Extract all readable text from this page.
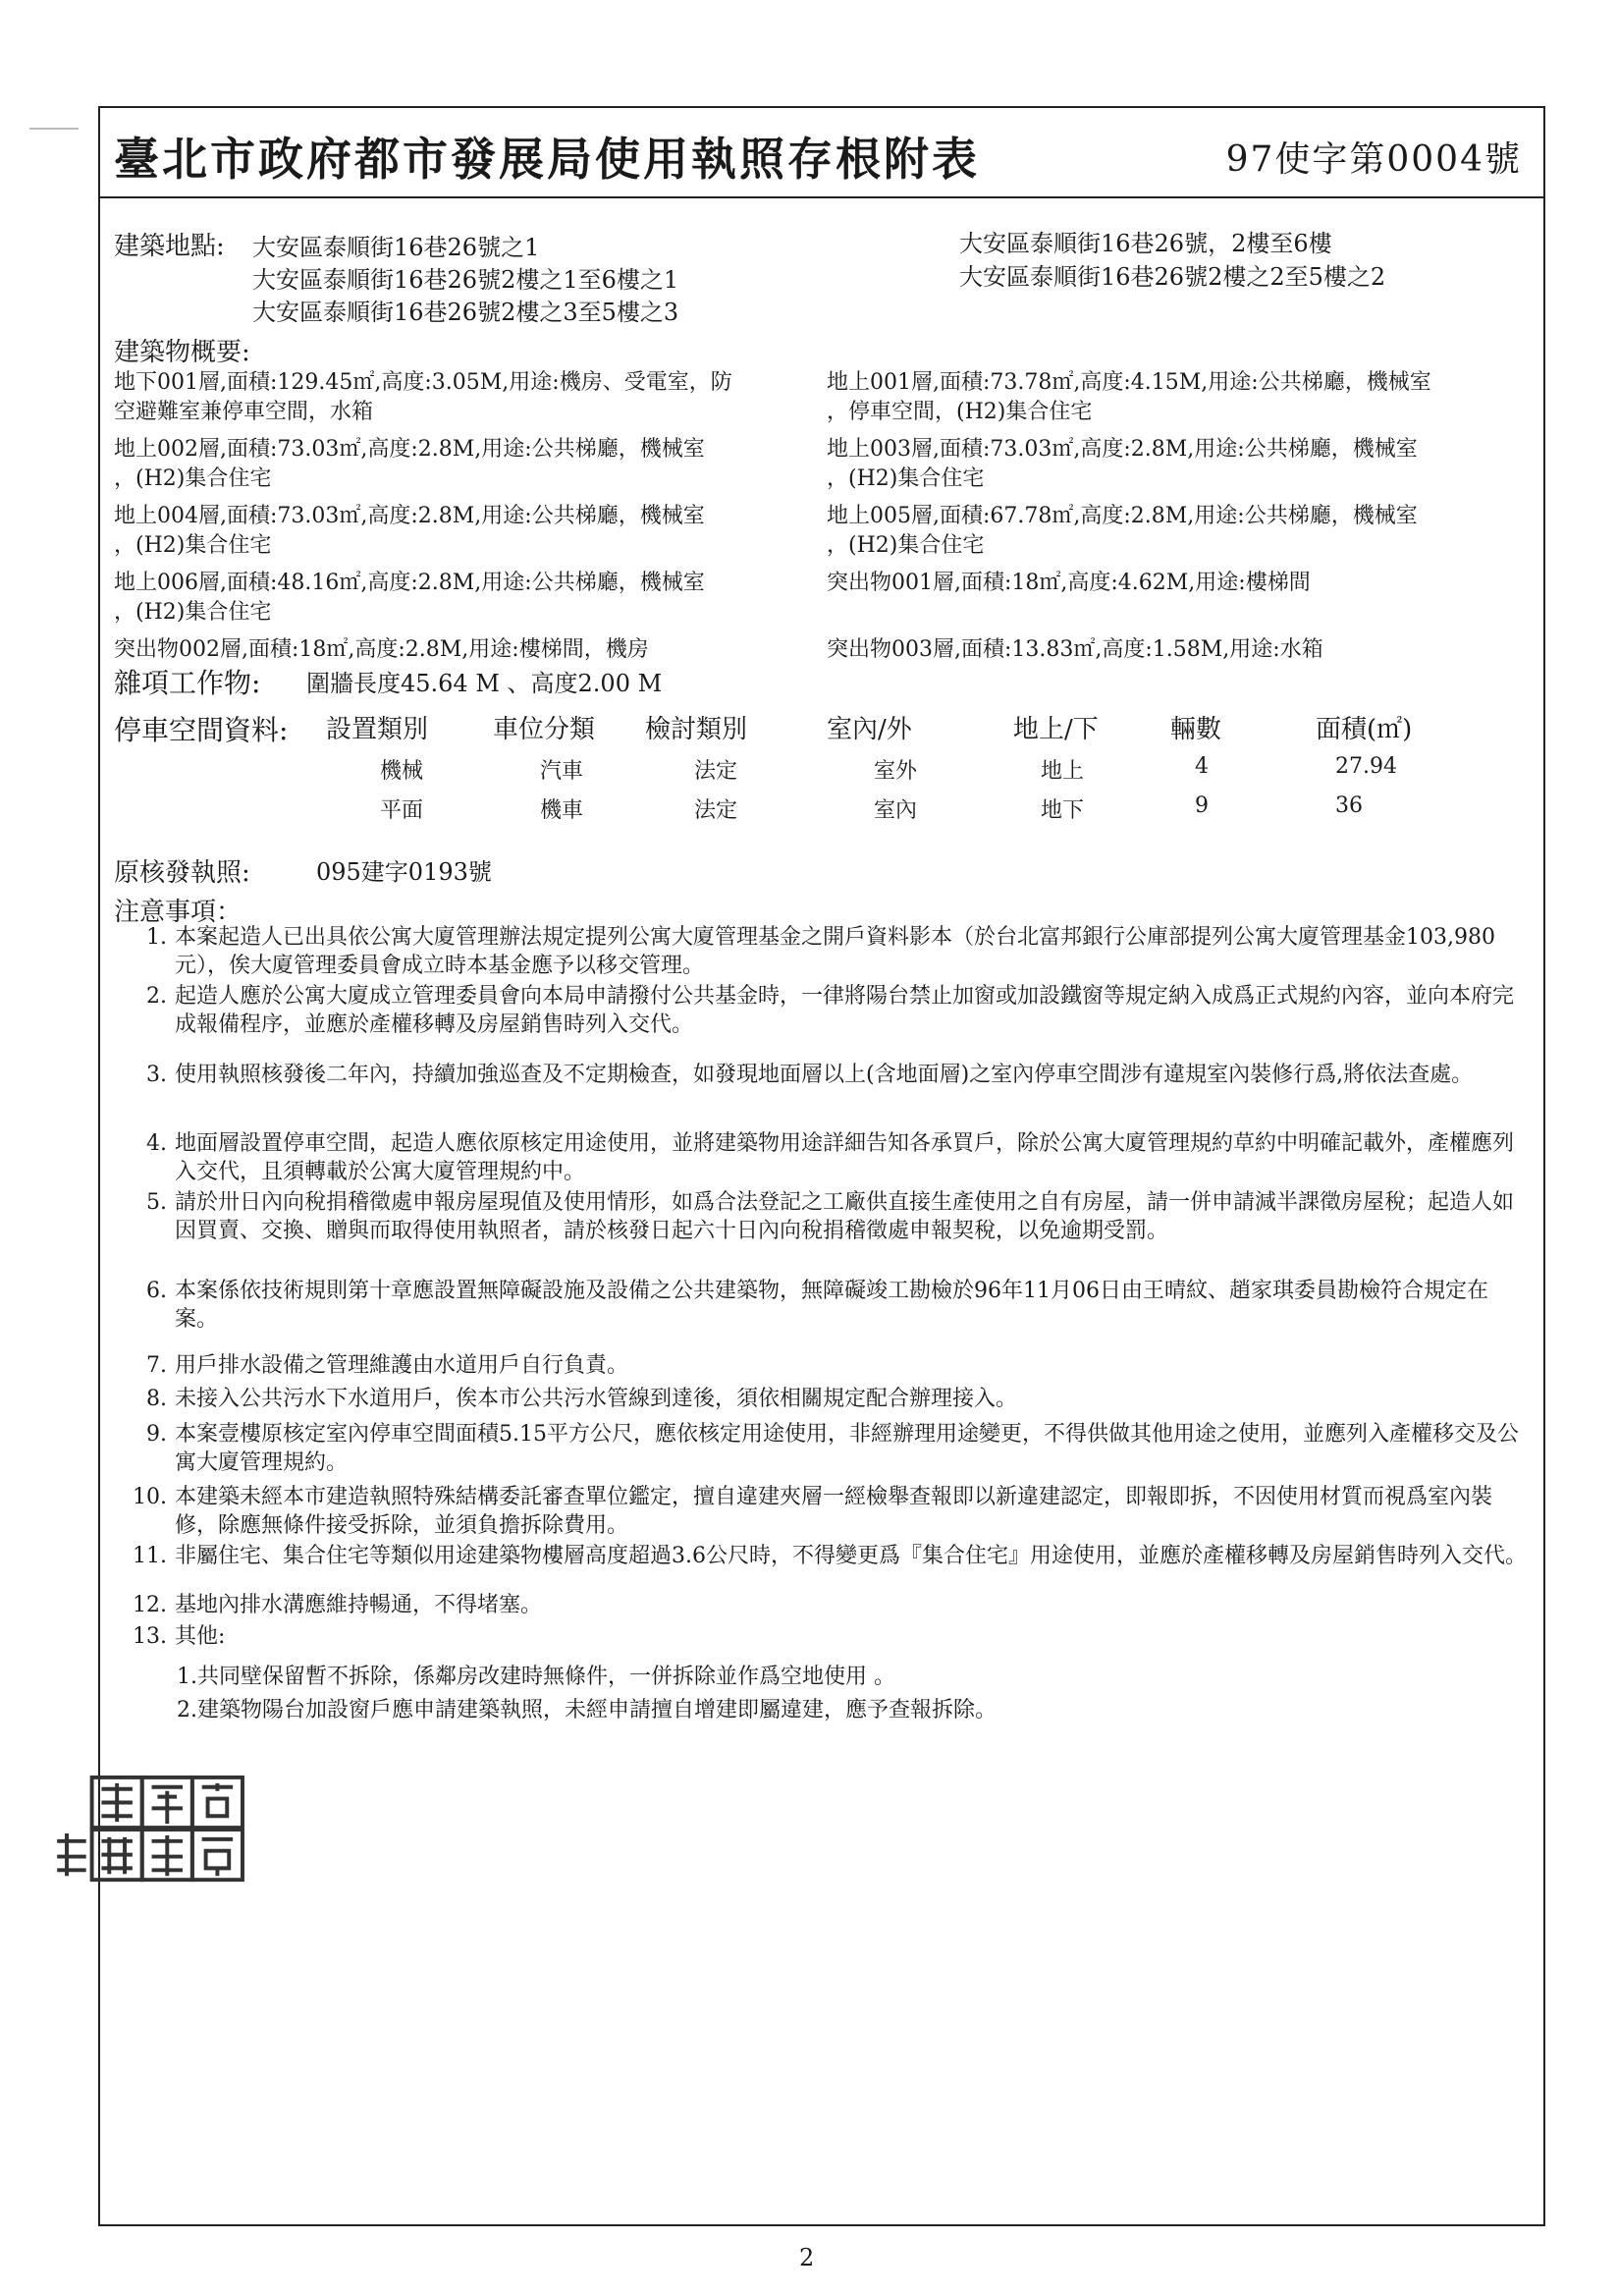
臺北市政府都市發展局使用執照存根附表	97使字第0004號
建築地點: 大安區泰順街16巷26號之1
大安區泰順街16巷26號2樓之1至6樓之1
大安區泰順街16巷26號2樓之3至5樓之3
大安區泰順街16巷26號，2樓至6樓
大安區泰順街16巷26號2樓之2至5樓之2
建築物概要:
地下001層,面積:129.45㎡,高度:3.05M,用途:機房、受電室，防	地上001層,面積:73.78㎡,高度:4.15M,用途:公共梯廳，機械室
空避難室兼停車空間，水箱	，停車空間，(H2)集合住宅
地上002層,面積:73.03㎡,高度:2.8M,用途:公共梯廳，機械室	地上003層,面積:73.03㎡,高度:2.8M,用途:公共梯廳，機械室
，(H2)集合住宅	，(H2)集合住宅
地上004層,面積:73.03㎡,高度:2.8M,用途:公共梯廳，機械室	地上005層,面積:67.78㎡,高度:2.8M,用途:公共梯廳，機械室
，(H2)集合住宅	，(H2)集合住宅
地上006層,面積:48.16㎡,高度:2.8M,用途:公共梯廳，機械室	突出物001層,面積:18㎡,高度:4.62M,用途:樓梯間
，(H2)集合住宅
突出物002層,面積:18㎡,高度:2.8M,用途:樓梯間，機房	突出物003層,面積:13.83㎡,高度:1.58M,用途:水箱
雜項工作物: 圍牆長度45.64 M 、高度2.00 M
停車空間資料: 設置類別	車位分類 檢討類別	室內/外	地上/下	輛數	面積(㎡)
機械	汽車	法定	室外	地上	4	27.94
平面	機車	法定	室內	地下	9	36
原核發執照:	095建字0193號
注意事項：
1. 本案起造人已出具依公寓大廈管理辦法規定提列公寓大廈管理基金之開戶資料影本（於台北富邦銀行公庫部提列公寓大廈管理基金103,980元），俟大廈管理委員會成立時本基金應予以移交管理。
2. 起造人應於公寓大廈成立管理委員會向本局申請撥付公共基金時，一律將陽台禁止加窗或加設鐵窗等規定納入成爲正式規約內容，並向本府完成報備程序，並應於產權移轉及房屋銷售時列入交代。
3. 使用執照核發後二年內，持續加強巡查及不定期檢查，如發現地面層以上(含地面層)之室內停車空間涉有違規室內裝修行爲,將依法查處。
4. 地面層設置停車空間，起造人應依原核定用途使用，並將建築物用途詳細告知各承買戶，除於公寓大廈管理規約草約中明確記載外，產權應列入交代，且須轉載於公寓大廈管理規約中。
5. 請於卅日內向稅捐稽徵處申報房屋現值及使用情形，如爲合法登記之工廠供直接生產使用之自有房屋，請一併申請減半課徵房屋稅；起造人如因買賣、交換、贈與而取得使用執照者，請於核發日起六十日內向稅捐稽徵處申報契稅，以免逾期受罰。
6. 本案係依技術規則第十章應設置無障礙設施及設備之公共建築物，無障礙竣工勘檢於96年11月06日由王晴紋、趙家琪委員勘檢符合規定在案。
7. 用戶排水設備之管理維護由水道用戶自行負責。
8. 未接入公共污水下水道用戶，俟本市公共污水管線到達後，須依相關規定配合辦理接入。
9. 本案壹樓原核定室內停車空間面積5.15平方公尺，應依核定用途使用，非經辦理用途變更，不得供做其他用途之使用，並應列入產權移交及公寓大廈管理規約。
10. 本建築未經本市建造執照特殊結構委託審查單位鑑定，擅自違建夾層一經檢舉查報即以新違建認定，即報即拆，不因使用材質而視爲室內裝修，除應無條件接受拆除，並須負擔拆除費用。
11. 非屬住宅、集合住宅等類似用途建築物樓層高度超過3.6公尺時，不得變更爲『集合住宅』用途使用，並應於產權移轉及房屋銷售時列入交代。
12. 基地內排水溝應維持暢通，不得堵塞。
13. 其他:
1.共同壁保留暫不拆除，係鄰房改建時無條件，一併拆除並作爲空地使用 。
2.建築物陽台加設窗戶應申請建築執照，未經申請擅自增建即屬違建，應予查報拆除。
2
